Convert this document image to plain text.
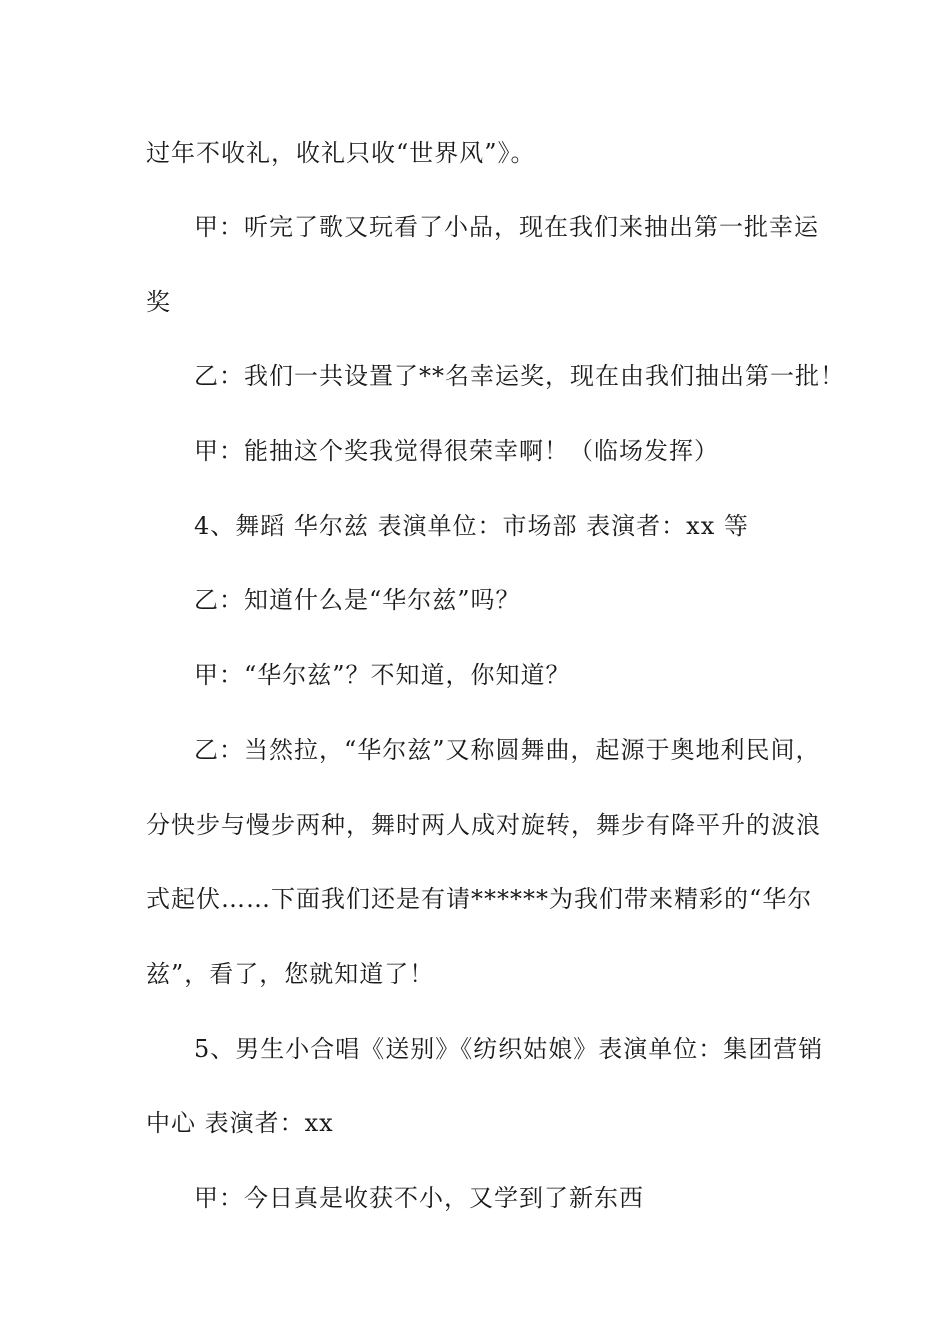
过年不收礼，收礼只收“世界风”》。
甲：听完了歌又玩看了小品，现在我们来抽出第一批幸运
奖
乙：我们一共设置了**名幸运奖，现在由我们抽出第一批！
甲：能抽这个奖我觉得很荣幸啊！（临场发挥）
4、舞蹈 华尔兹 表演单位：市场部 表演者：xx 等
乙：知道什么是“华尔兹”吗？
甲：“华尔兹”？不知道，你知道？
乙：当然拉，“华尔兹”又称圆舞曲，起源于奥地利民间，
分快步与慢步两种，舞时两人成对旋转，舞步有降平升的波浪
式起伏……下面我们还是有请******为我们带来精彩的“华尔
兹”，看了，您就知道了！
5、男生小合唱《送别》《纺织姑娘》表演单位：集团营销
中心 表演者：xx
甲：今日真是收获不小，又学到了新东西
